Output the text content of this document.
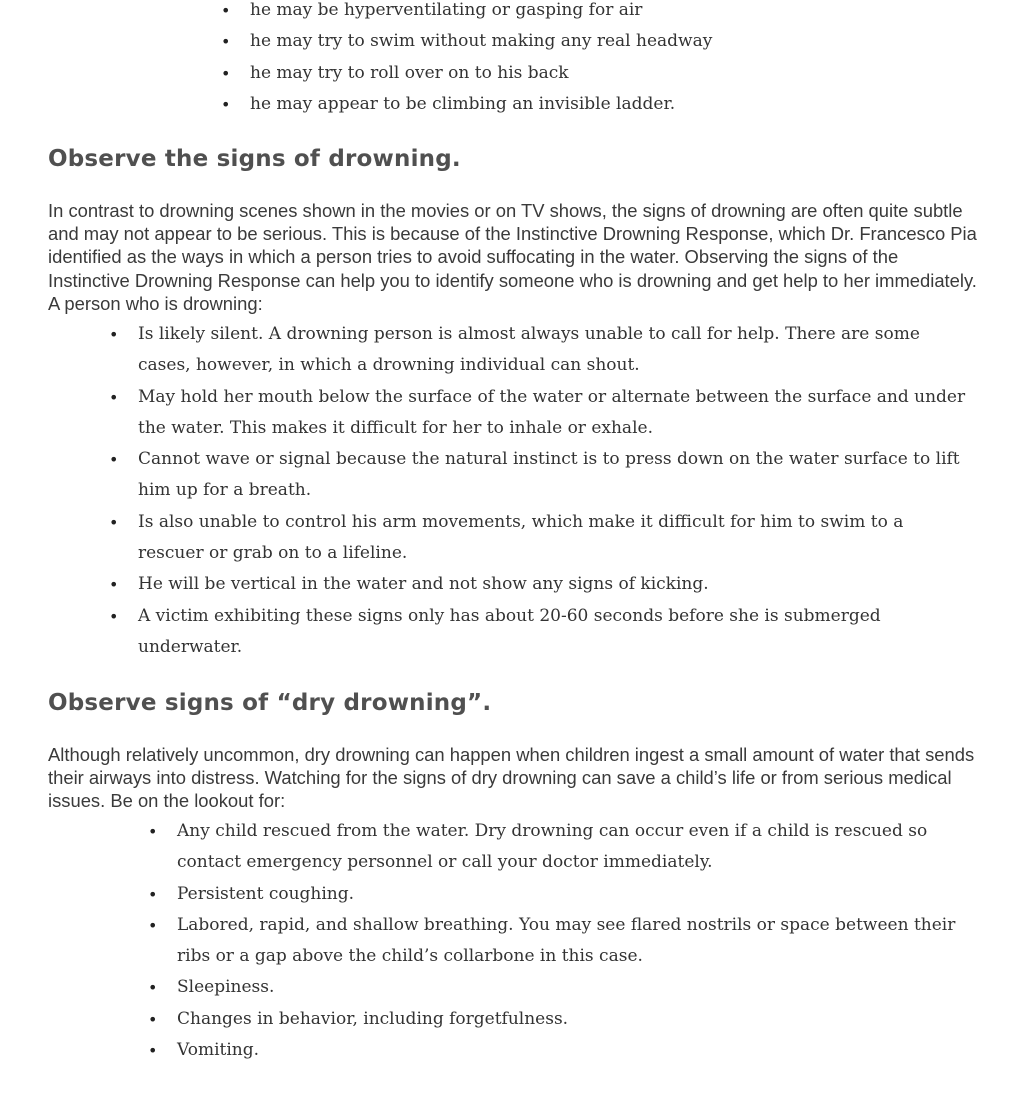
• he may be hyperventilating or gasping for air
• he may try to swim without making any real headway
• he may try to roll over on to his back
• he may appear to be climbing an invisible ladder.
Observe the signs of drowning.

In contrast to drowning scenes shown in the movies or on TV shows, the signs of drowning are often quite subtle and may not appear to be serious. This is because of the Instinctive Drowning Response, which Dr. Francesco Pia identified as the ways in which a person tries to avoid suffocating in the water. Observing the signs of the Instinctive Drowning Response can help you to identify someone who is drowning and get help to her immediately. A person who is drowning:

• Is likely silent. A drowning person is almost always unable to call for help. There are some cases, however, in which a drowning individual can shout.
• May hold her mouth below the surface of the water or alternate between the surface and under the water. This makes it difficult for her to inhale or exhale.
• Cannot wave or signal because the natural instinct is to press down on the water surface to lift him up for a breath.
• Is also unable to control his arm movements, which make it difficult for him to swim to a rescuer or grab on to a lifeline.
• He will be vertical in the water and not show any signs of kicking.
• A victim exhibiting these signs only has about 20-60 seconds before she is submerged underwater.
Observe signs of “dry drowning”.

Although relatively uncommon, dry drowning can happen when children ingest a small amount of water that sends their airways into distress. Watching for the signs of dry drowning can save a child’s life or from serious medical issues. Be on the lookout for:

• Any child rescued from the water. Dry drowning can occur even if a child is rescued so contact emergency personnel or call your doctor immediately.
• Persistent coughing.
• Labored, rapid, and shallow breathing. You may see flared nostrils or space between their ribs or a gap above the child’s collarbone in this case.
• Sleepiness.
• Changes in behavior, including forgetfulness.
• Vomiting.
